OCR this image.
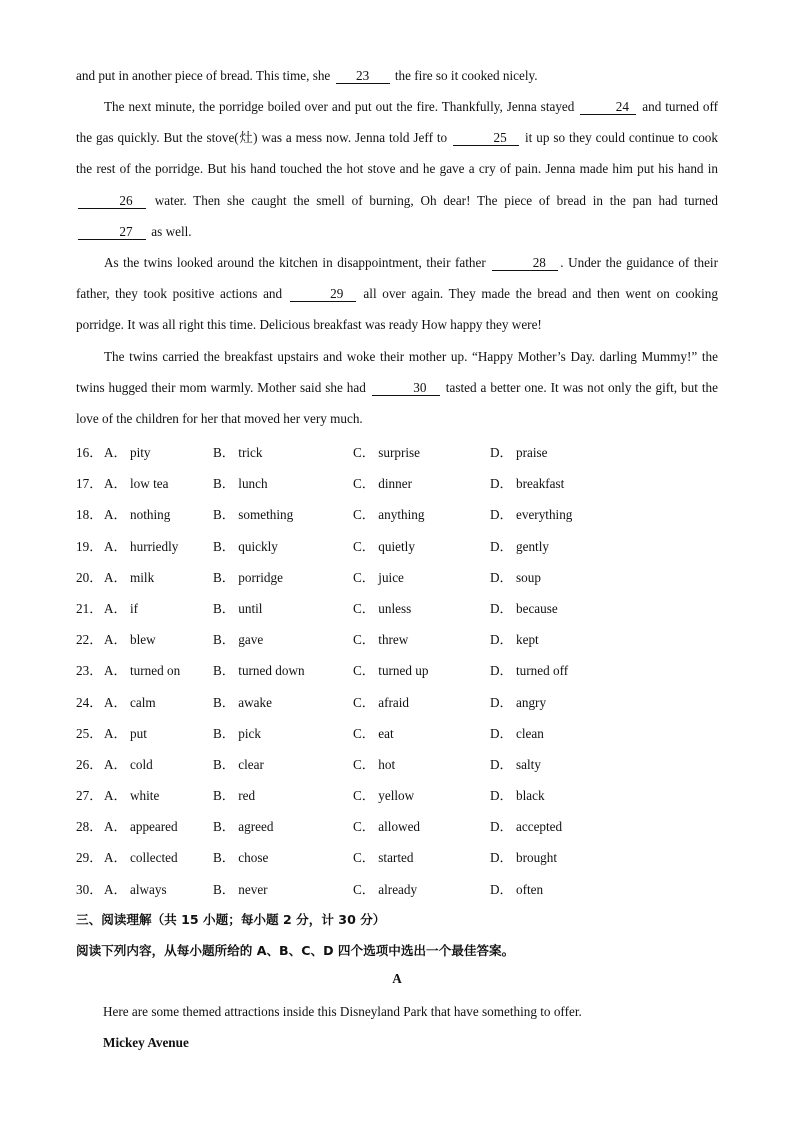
and put in another piece of bread. This time, she 23 the fire so it cooked nicely.
The next minute, the porridge boiled over and put out the fire. Thankfully, Jenna stayed	24 and turned off the gas quickly. But the stove(灶) was a mess now. Jenna told Jeff to	25 it up so they could continue to cook the rest of the porridge. But his hand touched the hot stove and he gave a cry of pain. Jenna made him put his hand in 26 water. Then she caught the smell of burning, Oh dear! The piece of bread in the pan had turned 27 as well.
As the twins looked around the kitchen in disappointment, their father	28 . Under the guidance of their father, they took positive actions and	29 all over again. They made the bread and then went on cooking porridge. It was all right this time. Delicious breakfast was ready How happy they were!
The twins carried the breakfast upstairs and woke their mother up. “Happy Mother’s Day. darling Mummy!” the twins hugged their mom warmly. Mother said she had	30 tasted a better one. It was not only the gift, but the love of the children for her that moved her very much.
16． A． pity	B． trick	C． surprise	D． praise
17． A． low tea	B． lunch	C． dinner	D． breakfast
18． A． nothing	B． something	C． anything	D． everything
19． A． hurriedly	B． quickly	C． quietly	D． gently
20． A． milk	B． porridge	C． juice	D． soup
21． A． if	B． until	C． unless	D． because
22． A． blew	B． gave	C． threw	D． kept
23． A． turned on B． turned down	C． turned up	D． turned off
24． A． calm	B． awake	C． afraid	D． angry
25． A． put	B． pick	C． eat	D． clean
26． A． cold	B． clear	C． hot	D． salty
27． A． white	B． red	C． yellow	D． black
28． A． appeared	B． agreed	C． allowed	D． accepted
29． A． collected	B． chose	C． started	D． brought
30． A． always	B． never	C． already	D． often
三、阅读理解（共 15 小题；每小题 2 分，计 30 分）
阅读下列内容，从每小题所给的 A、B、C、D 四个选项中选出一个最佳答案。
A
Here are some themed attractions inside this Disneyland Park that have something to offer.
Mickey Avenue
